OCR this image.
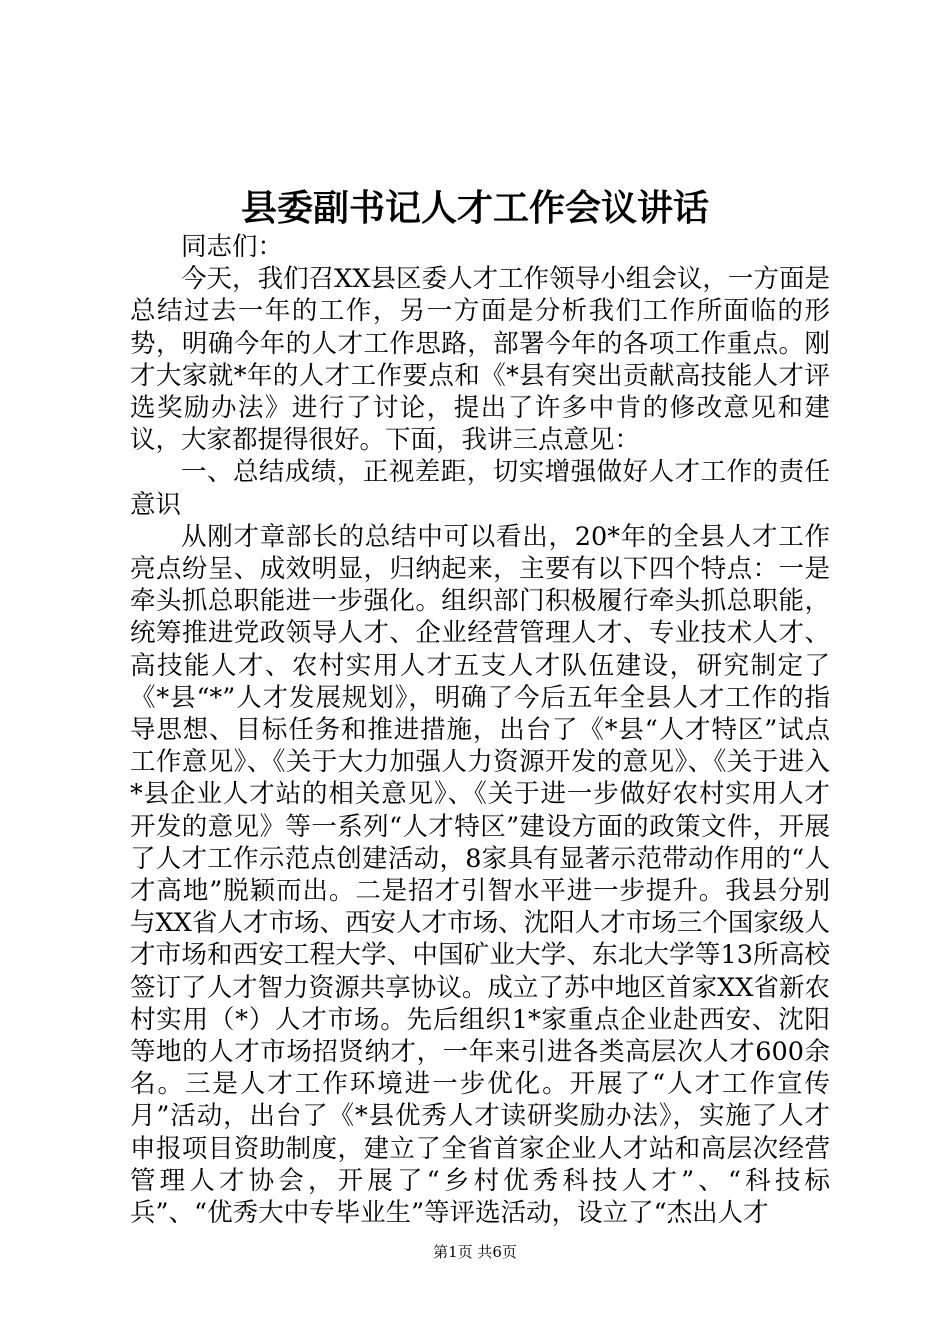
县委副书记人才工作会议讲话

同志们：

今天，我们召XX县区委人才工作领导小组会议，一方面是总结过去一年的工作，另一方面是分析我们工作所面临的形势，明确今年的人才工作思路，部署今年的各项工作重点。刚才大家就*年的人才工作要点和《*县有突出贡献高技能人才评选奖励办法》进行了讨论，提出了许多中肯的修改意见和建议，大家都提得很好。下面，我讲三点意见：

一、总结成绩，正视差距，切实增强做好人才工作的责任意识

从刚才章部长的总结中可以看出，20*年的全县人才工作亮点纷呈、成效明显，归纳起来，主要有以下四个特点：一是牵头抓总职能进一步强化。组织部门积极履行牵头抓总职能，统筹推进党政领导人才、企业经营管理人才、专业技术人才、高技能人才、农村实用人才五支人才队伍建设，研究制定了《*县“*”人才发展规划》，明确了今后五年全县人才工作的指导思想、目标任务和推进措施，出台了《*县“人才特区”试点工作意见》、《关于大力加强人力资源开发的意见》、《关于进入*县企业人才站的相关意见》、《关于进一步做好农村实用人才开发的意见》等一系列“人才特区”建设方面的政策文件，开展了人才工作示范点创建活动，8家具有显著示范带动作用的“人才高地”脱颖而出。二是招才引智水平进一步提升。我县分别与XX省人才市场、西安人才市场、沈阳人才市场三个国家级人才市场和西安工程大学、中国矿业大学、东北大学等13所高校签订了人才智力资源共享协议。成立了苏中地区首家XX省新农村实用（*）人才市场。先后组织1*家重点企业赴西安、沈阳等地的人才市场招贤纳才，一年来引进各类高层次人才600余名。三是人才工作环境进一步优化。开展了“人才工作宣传月”活动，出台了《*县优秀人才读研奖励办法》，实施了人才申报项目资助制度，建立了全省首家企业人才站和高层次经营管理人才协会，开展了“乡村优秀科技人才”、“科技标兵”、“优秀大中专毕业生”等评选活动，设立了“杰出人才

第1页 共6页
